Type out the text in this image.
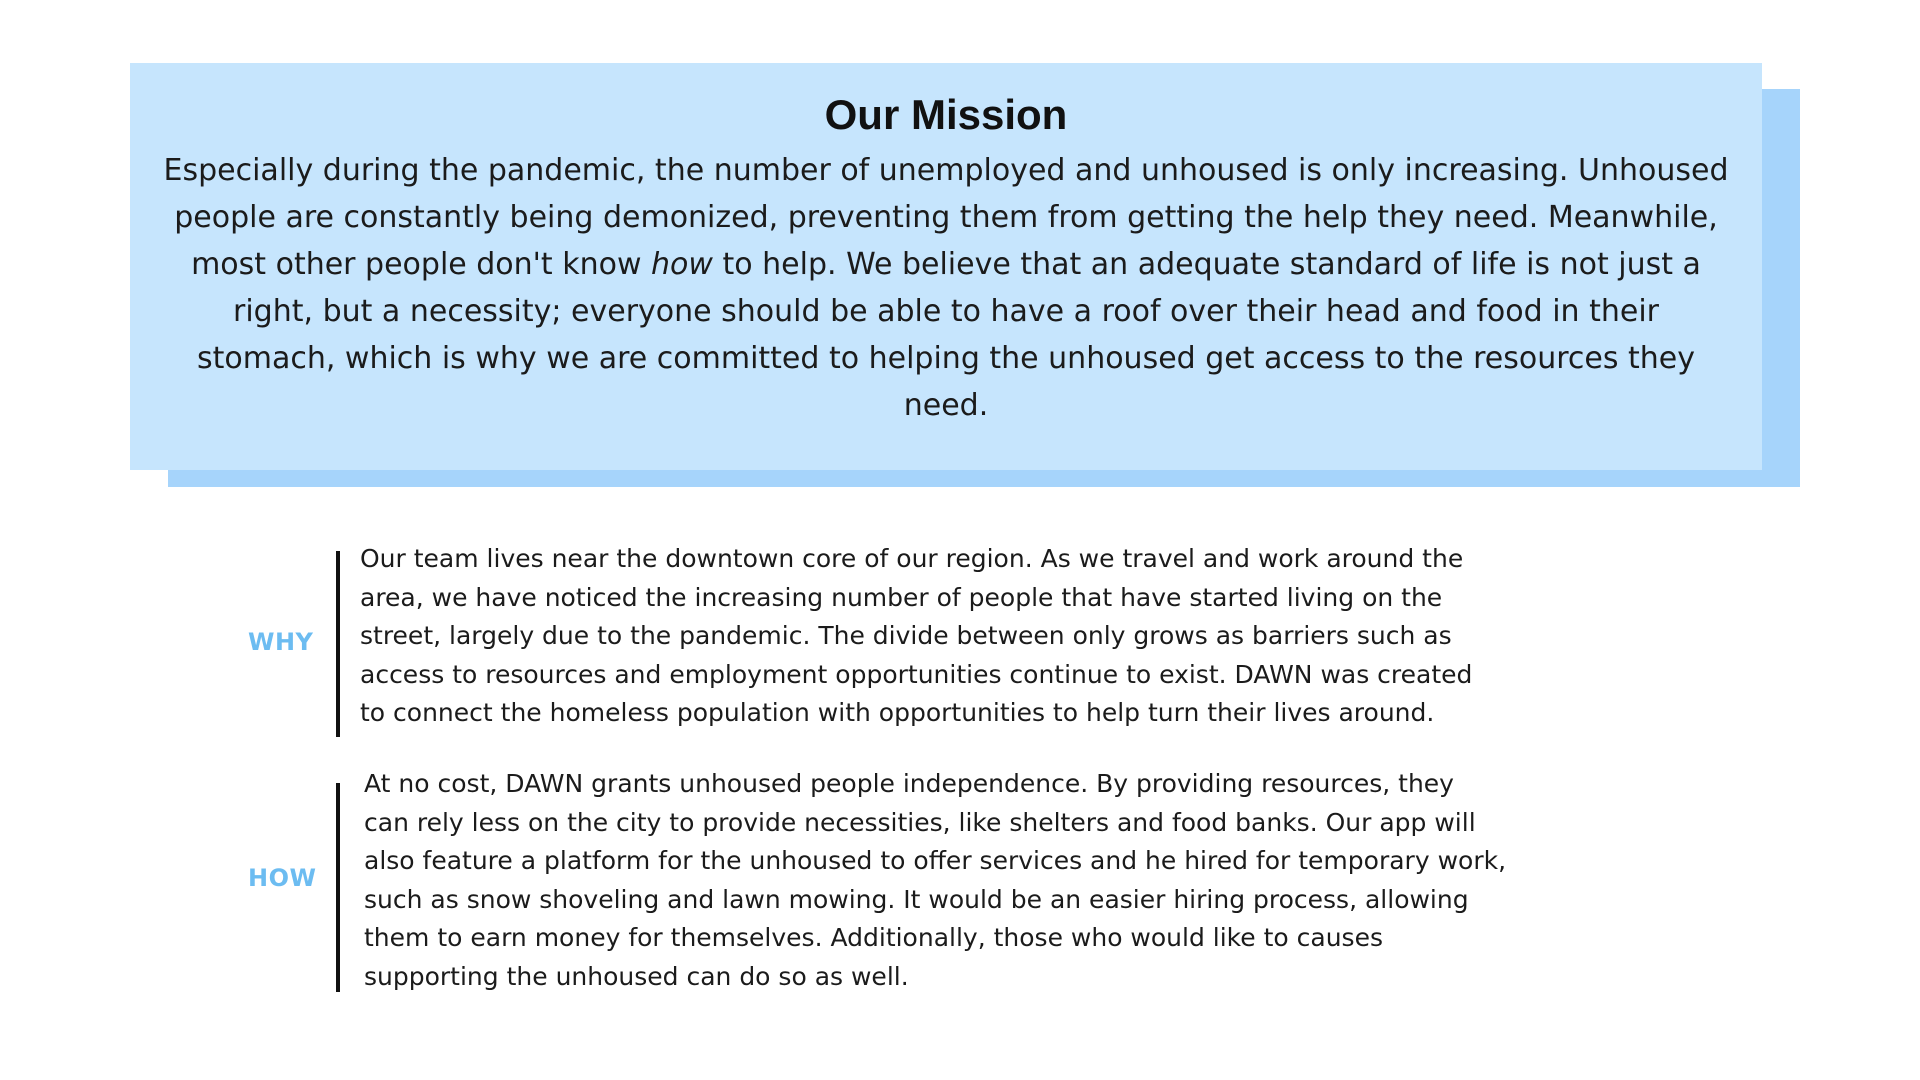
Our Mission

Especially during the pandemic, the number of unemployed and unhoused is only increasing. Unhoused people are constantly being demonized, preventing them from getting the help they need. Meanwhile, most other people don't know how to help. We believe that an adequate standard of life is not just a right, but a necessity; everyone should be able to have a roof over their head and food in their stomach, which is why we are committed to helping the unhoused get access to the resources they need.

WHY

Our team lives near the downtown core of our region. As we travel and work around the
area, we have noticed the increasing number of people that have started living on the
street, largely due to the pandemic. The divide between only grows as barriers such as
access to resources and employment opportunities continue to exist. DAWN was created
to connect the homeless population with opportunities to help turn their lives around.

HOW

At no cost, DAWN grants unhoused people independence. By providing resources, they
can rely less on the city to provide necessities, like shelters and food banks. Our app will
also feature a platform for the unhoused to offer services and he hired for temporary work,
such as snow shoveling and lawn mowing. It would be an easier hiring process, allowing
them to earn money for themselves. Additionally, those who would like to causes
supporting the unhoused can do so as well.
